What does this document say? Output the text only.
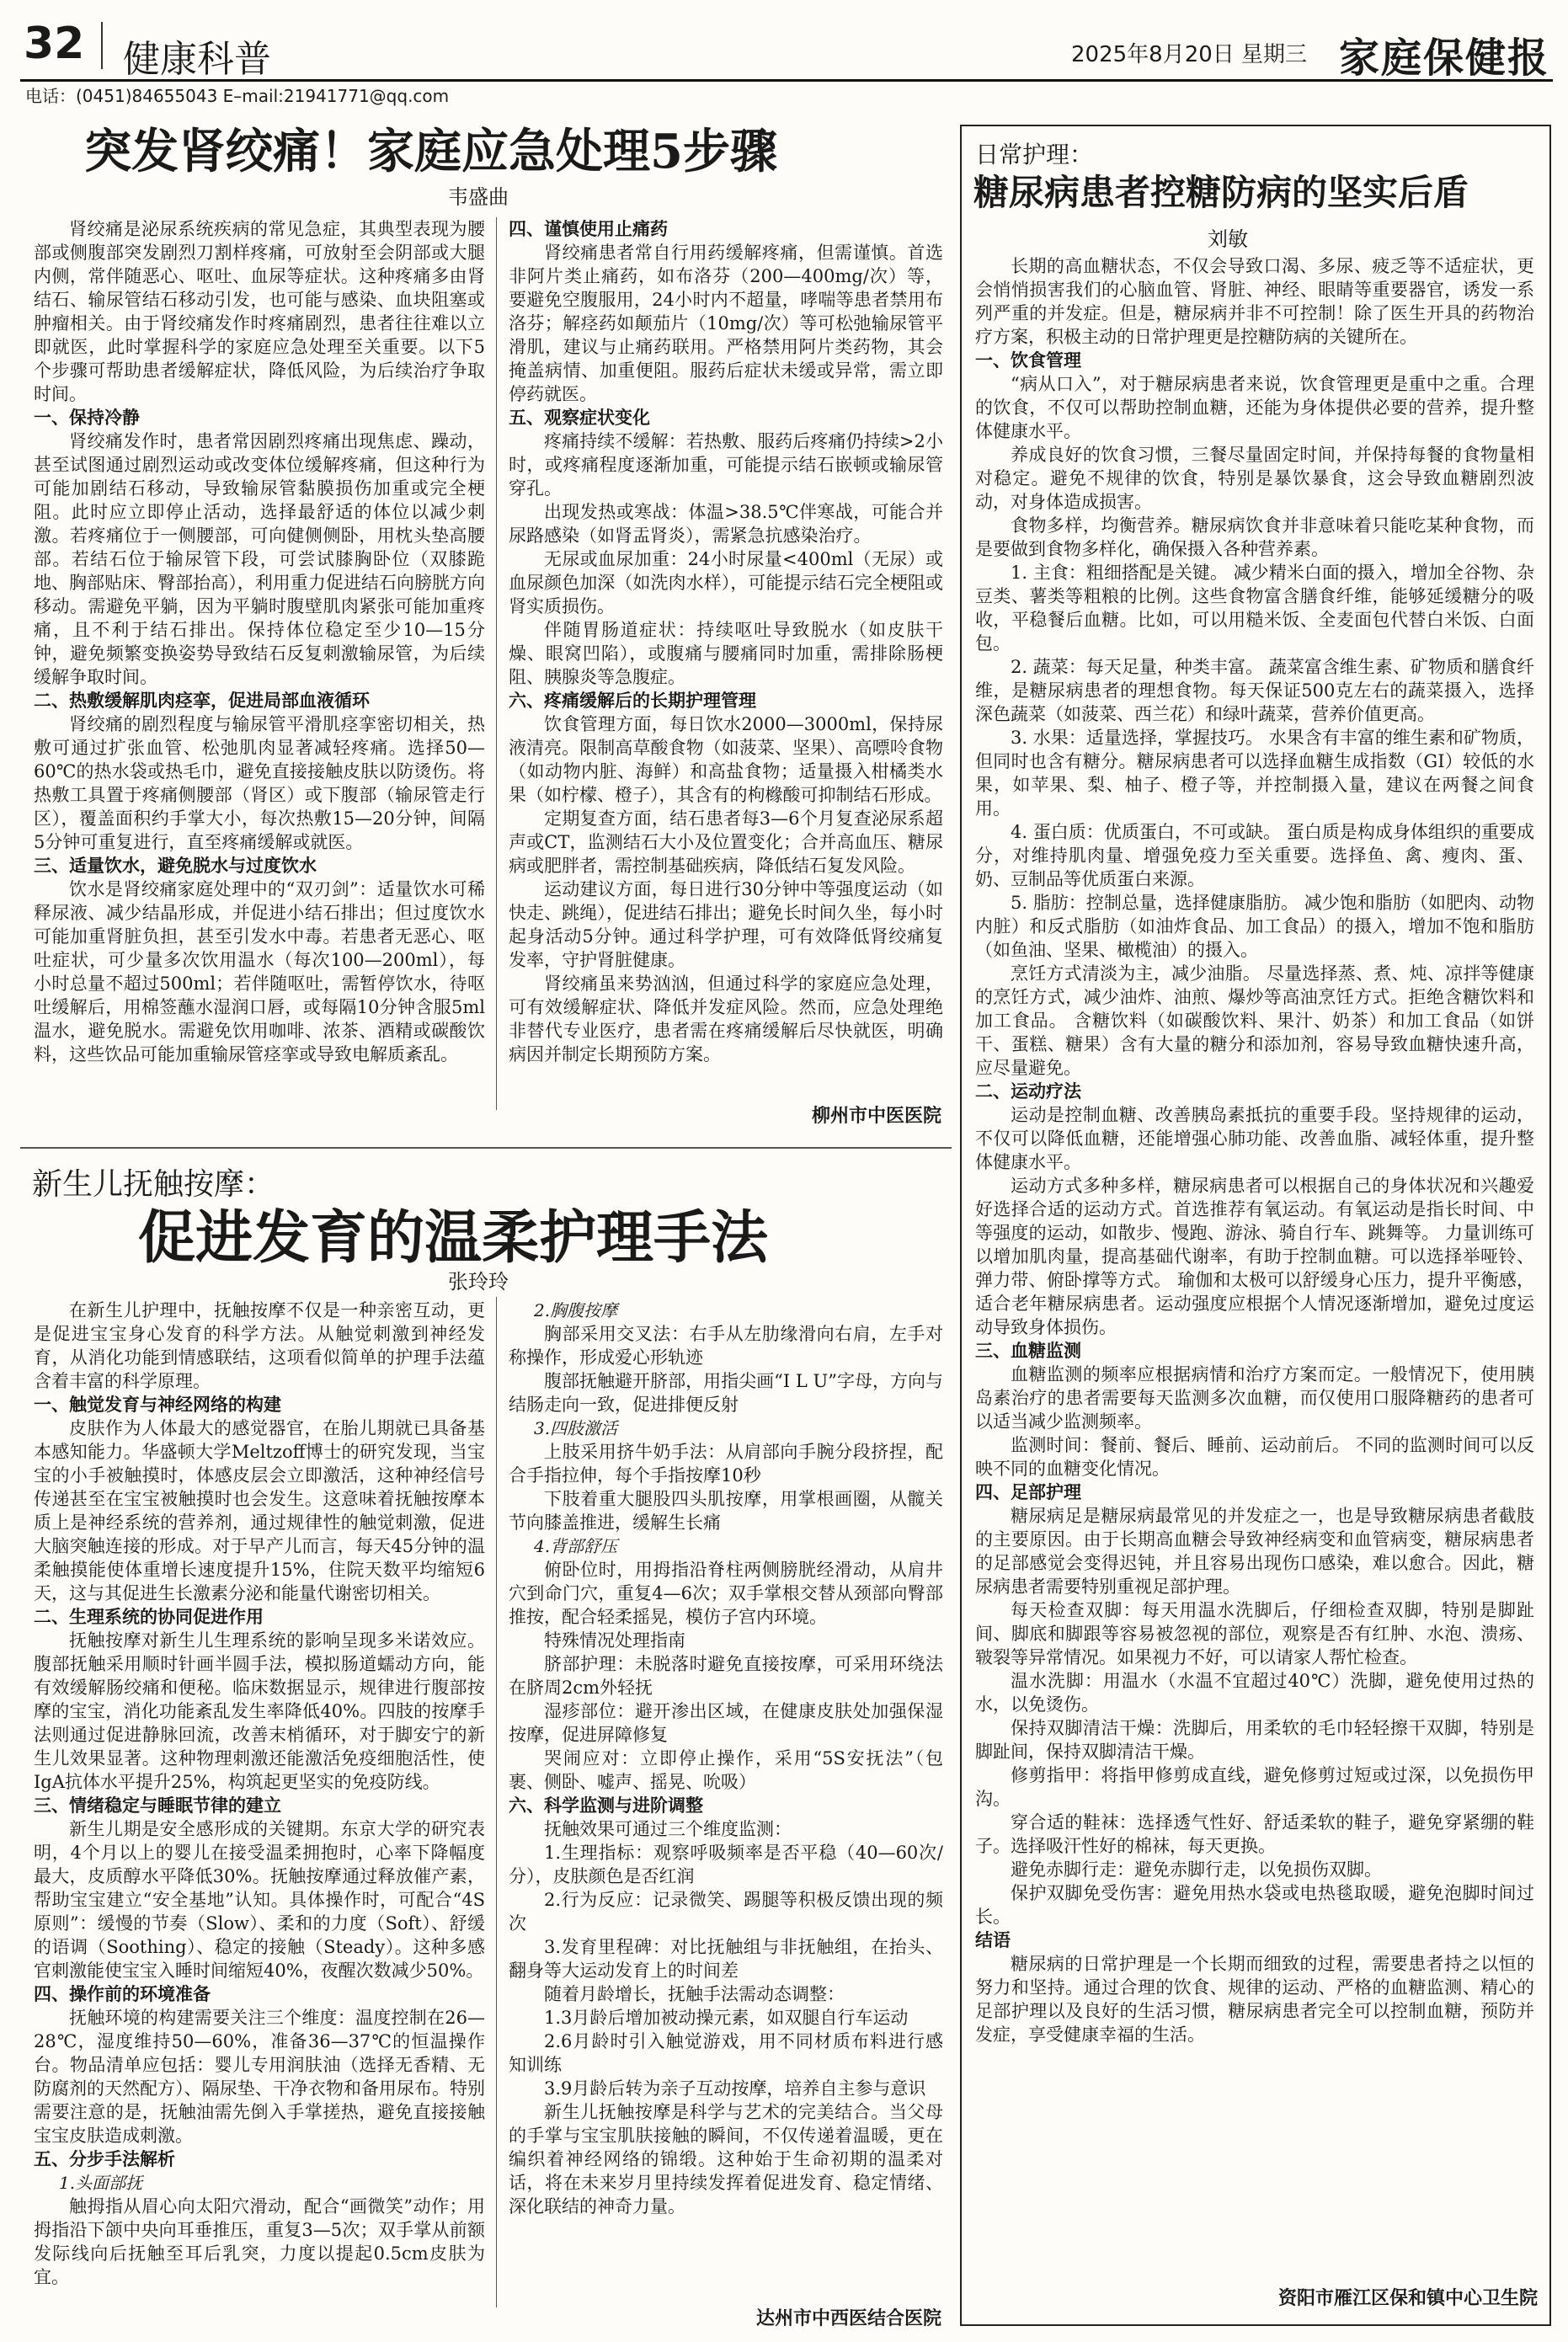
32 健康科普	2025年8月20日 星期三 家庭保健报
电话：(0451)84655043 E–mail:21941771@qq.com
突发肾绞痛！家庭应急处理5步骤
韦盛曲

肾绞痛是泌尿系统疾病的常见急症，其典型表现为腰部或侧腹部突发剧烈刀割样疼痛，可放射至会阴部或大腿内侧，常伴随恶心、呕吐、血尿等症状。这种疼痛多由肾结石、输尿管结石移动引发，也可能与感染、血块阻塞或肿瘤相关。由于肾绞痛发作时疼痛剧烈，患者往往难以立即就医，此时掌握科学的家庭应急处理至关重要。以下5个步骤可帮助患者缓解症状，降低风险，为后续治疗争取时间。

一、保持冷静

肾绞痛发作时，患者常因剧烈疼痛出现焦虑、躁动，甚至试图通过剧烈运动或改变体位缓解疼痛，但这种行为可能加剧结石移动，导致输尿管黏膜损伤加重或完全梗阻。此时应立即停止活动，选择最舒适的体位以减少刺激。若疼痛位于一侧腰部，可向健侧侧卧，用枕头垫高腰部。若结石位于输尿管下段，可尝试膝胸卧位（双膝跪地、胸部贴床、臀部抬高），利用重力促进结石向膀胱方向移动。需避免平躺，因为平躺时腹壁肌肉紧张可能加重疼痛，且不利于结石排出。保持体位稳定至少10—15分钟，避免频繁变换姿势导致结石反复刺激输尿管，为后续缓解争取时间。

二、热敷缓解肌肉痉挛，促进局部血液循环

肾绞痛的剧烈程度与输尿管平滑肌痉挛密切相关，热敷可通过扩张血管、松弛肌肉显著减轻疼痛。选择50—60℃的热水袋或热毛巾，避免直接接触皮肤以防烫伤。将热敷工具置于疼痛侧腰部（肾区）或下腹部（输尿管走行区），覆盖面积约手掌大小，每次热敷15—20分钟，间隔5分钟可重复进行，直至疼痛缓解或就医。

三、适量饮水，避免脱水与过度饮水

饮水是肾绞痛家庭处理中的“双刃剑”：适量饮水可稀释尿液、减少结晶形成，并促进小结石排出；但过度饮水可能加重肾脏负担，甚至引发水中毒。若患者无恶心、呕吐症状，可少量多次饮用温水（每次100—200ml），每小时总量不超过500ml；若伴随呕吐，需暂停饮水，待呕吐缓解后，用棉签蘸水湿润口唇，或每隔10分钟含服5ml温水，避免脱水。需避免饮用咖啡、浓茶、酒精或碳酸饮料，这些饮品可能加重输尿管痉挛或导致电解质紊乱。

四、谨慎使用止痛药

肾绞痛患者常自行用药缓解疼痛，但需谨慎。首选非阿片类止痛药，如布洛芬（200—400mg/次）等，要避免空腹服用，24小时内不超量，哮喘等患者禁用布洛芬；解痉药如颠茄片（10mg/次）等可松弛输尿管平滑肌，建议与止痛药联用。严格禁用阿片类药物，其会掩盖病情、加重便阻。服药后症状未缓或异常，需立即停药就医。

五、观察症状变化

疼痛持续不缓解：若热敷、服药后疼痛仍持续>2小时，或疼痛程度逐渐加重，可能提示结石嵌顿或输尿管穿孔。

出现发热或寒战：体温>38.5℃伴寒战，可能合并尿路感染（如肾盂肾炎），需紧急抗感染治疗。

无尿或血尿加重：24小时尿量<400ml（无尿）或血尿颜色加深（如洗肉水样），可能提示结石完全梗阻或肾实质损伤。

伴随胃肠道症状：持续呕吐导致脱水（如皮肤干燥、眼窝凹陷），或腹痛与腰痛同时加重，需排除肠梗阻、胰腺炎等急腹症。

六、疼痛缓解后的长期护理管理

饮食管理方面，每日饮水2000—3000ml，保持尿液清亮。限制高草酸食物（如菠菜、坚果）、高嘌呤食物（如动物内脏、海鲜）和高盐食物；适量摄入柑橘类水果（如柠檬、橙子），其含有的枸橼酸可抑制结石形成。

定期复查方面，结石患者每3—6个月复查泌尿系超声或CT，监测结石大小及位置变化；合并高血压、糖尿病或肥胖者，需控制基础疾病，降低结石复发风险。

运动建议方面，每日进行30分钟中等强度运动（如快走、跳绳），促进结石排出；避免长时间久坐，每小时起身活动5分钟。通过科学护理，可有效降低肾绞痛复发率，守护肾脏健康。

肾绞痛虽来势汹汹，但通过科学的家庭应急处理，可有效缓解症状、降低并发症风险。然而，应急处理绝非替代专业医疗，患者需在疼痛缓解后尽快就医，明确病因并制定长期预防方案。

柳州市中医医院
新生儿抚触按摩：
促进发育的温柔护理手法
张玲玲

在新生儿护理中，抚触按摩不仅是一种亲密互动，更是促进宝宝身心发育的科学方法。从触觉刺激到神经发育，从消化功能到情感联结，这项看似简单的护理手法蕴含着丰富的科学原理。

一、触觉发育与神经网络的构建

皮肤作为人体最大的感觉器官，在胎儿期就已具备基本感知能力。华盛顿大学Meltzoff博士的研究发现，当宝宝的小手被触摸时，体感皮层会立即激活，这种神经信号传递甚至在宝宝被触摸时也会发生。这意味着抚触按摩本质上是神经系统的营养剂，通过规律性的触觉刺激，促进大脑突触连接的形成。对于早产儿而言，每天45分钟的温柔触摸能使体重增长速度提升15%，住院天数平均缩短6天，这与其促进生长激素分泌和能量代谢密切相关。

二、生理系统的协同促进作用

抚触按摩对新生儿生理系统的影响呈现多米诺效应。腹部抚触采用顺时针画半圆手法，模拟肠道蠕动方向，能有效缓解肠绞痛和便秘。临床数据显示，规律进行腹部按摩的宝宝，消化功能紊乱发生率降低40%。四肢的按摩手法则通过促进静脉回流，改善末梢循环，对于脚安宁的新生儿效果显著。这种物理刺激还能激活免疫细胞活性，使IgA抗体水平提升25%，构筑起更坚实的免疫防线。

三、情绪稳定与睡眠节律的建立

新生儿期是安全感形成的关键期。东京大学的研究表明，4个月以上的婴儿在接受温柔拥抱时，心率下降幅度最大，皮质醇水平降低30%。抚触按摩通过释放催产素，帮助宝宝建立“安全基地”认知。具体操作时，可配合“4S原则”：缓慢的节奏（Slow）、柔和的力度（Soft）、舒缓的语调（Soothing）、稳定的接触（Steady）。这种多感官刺激能使宝宝入睡时间缩短40%，夜醒次数减少50%。

四、操作前的环境准备

抚触环境的构建需要关注三个维度：温度控制在26—28℃，湿度维持50—60%，准备36—37℃的恒温操作台。物品清单应包括：婴儿专用润肤油（选择无香精、无防腐剂的天然配方）、隔尿垫、干净衣物和备用尿布。特别需要注意的是，抚触油需先倒入手掌搓热，避免直接接触宝宝皮肤造成刺激。

五、分步手法解析
1.头面部抚

触拇指从眉心向太阳穴滑动，配合“画微笑”动作；用拇指沿下颌中央向耳垂推压，重复3—5次；双手掌从前额发际线向后抚触至耳后乳突，力度以提起0.5cm皮肤为宜。

2.胸腹按摩

胸部采用交叉法：右手从左肋缘滑向右肩，左手对称操作，形成爱心形轨迹

腹部抚触避开脐部，用指尖画“I L U”字母，方向与结肠走向一致，促进排便反射

3.四肢激活

上肢采用挤牛奶手法：从肩部向手腕分段挤捏，配合手指拉伸，每个手指按摩10秒

下肢着重大腿股四头肌按摩，用掌根画圈，从髋关节向膝盖推进，缓解生长痛

4.背部舒压

俯卧位时，用拇指沿脊柱两侧膀胱经滑动，从肩井穴到命门穴，重复4—6次；双手掌根交替从颈部向臀部推按，配合轻柔摇晃，模仿子宫内环境。

特殊情况处理指南

脐部护理：未脱落时避免直接按摩，可采用环绕法在脐周2cm外轻抚

湿疹部位：避开渗出区域，在健康皮肤处加强保湿按摩，促进屏障修复

哭闹应对：立即停止操作，采用“5S安抚法”（包裹、侧卧、嘘声、摇晃、吮吸）

六、科学监测与进阶调整

抚触效果可通过三个维度监测：

1.生理指标：观察呼吸频率是否平稳（40—60次/分），皮肤颜色是否红润

2.行为反应：记录微笑、踢腿等积极反馈出现的频次

3.发育里程碑：对比抚触组与非抚触组，在抬头、翻身等大运动发育上的时间差

随着月龄增长，抚触手法需动态调整：

1.3月龄后增加被动操元素，如双腿自行车运动

2.6月龄时引入触觉游戏，用不同材质布料进行感知训练

3.9月龄后转为亲子互动按摩，培养自主参与意识

新生儿抚触按摩是科学与艺术的完美结合。当父母的手掌与宝宝肌肤接触的瞬间，不仅传递着温暖，更在编织着神经网络的锦缎。这种始于生命初期的温柔对话，将在未来岁月里持续发挥着促进发育、稳定情绪、深化联结的神奇力量。

达州市中西医结合医院
日常护理：
糖尿病患者控糖防病的坚实后盾
刘敏

长期的高血糖状态，不仅会导致口渴、多尿、疲乏等不适症状，更会悄悄损害我们的心脑血管、肾脏、神经、眼睛等重要器官，诱发一系列严重的并发症。但是，糖尿病并非不可控制！除了医生开具的药物治疗方案，积极主动的日常护理更是控糖防病的关键所在。

一、饮食管理

“病从口入”，对于糖尿病患者来说，饮食管理更是重中之重。合理的饮食，不仅可以帮助控制血糖，还能为身体提供必要的营养，提升整体健康水平。

养成良好的饮食习惯，三餐尽量固定时间，并保持每餐的食物量相对稳定。避免不规律的饮食，特别是暴饮暴食，这会导致血糖剧烈波动，对身体造成损害。

食物多样，均衡营养。糖尿病饮食并非意味着只能吃某种食物，而是要做到食物多样化，确保摄入各种营养素。

1. 主食：粗细搭配是关键。 减少精米白面的摄入，增加全谷物、杂豆类、薯类等粗粮的比例。这些食物富含膳食纤维，能够延缓糖分的吸收，平稳餐后血糖。比如，可以用糙米饭、全麦面包代替白米饭、白面包。

2. 蔬菜：每天足量，种类丰富。 蔬菜富含维生素、矿物质和膳食纤维，是糖尿病患者的理想食物。每天保证500克左右的蔬菜摄入，选择深色蔬菜（如菠菜、西兰花）和绿叶蔬菜，营养价值更高。

3. 水果：适量选择，掌握技巧。 水果含有丰富的维生素和矿物质，但同时也含有糖分。糖尿病患者可以选择血糖生成指数（GI）较低的水果，如苹果、梨、柚子、橙子等，并控制摄入量，建议在两餐之间食用。

4. 蛋白质：优质蛋白，不可或缺。 蛋白质是构成身体组织的重要成分，对维持肌肉量、增强免疫力至关重要。选择鱼、禽、瘦肉、蛋、奶、豆制品等优质蛋白来源。

5. 脂肪：控制总量，选择健康脂肪。 减少饱和脂肪（如肥肉、动物内脏）和反式脂肪（如油炸食品、加工食品）的摄入，增加不饱和脂肪（如鱼油、坚果、橄榄油）的摄入。

烹饪方式清淡为主，减少油脂。 尽量选择蒸、煮、炖、凉拌等健康的烹饪方式，减少油炸、油煎、爆炒等高油烹饪方式。拒绝含糖饮料和加工食品。 含糖饮料（如碳酸饮料、果汁、奶茶）和加工食品（如饼干、蛋糕、糖果）含有大量的糖分和添加剂，容易导致血糖快速升高，应尽量避免。

二、运动疗法

运动是控制血糖、改善胰岛素抵抗的重要手段。坚持规律的运动，不仅可以降低血糖，还能增强心肺功能、改善血脂、减轻体重，提升整体健康水平。

运动方式多种多样，糖尿病患者可以根据自己的身体状况和兴趣爱好选择合适的运动方式。首选推荐有氧运动。有氧运动是指长时间、中等强度的运动，如散步、慢跑、游泳、骑自行车、跳舞等。 力量训练可以增加肌肉量，提高基础代谢率，有助于控制血糖。可以选择举哑铃、弹力带、俯卧撑等方式。 瑜伽和太极可以舒缓身心压力，提升平衡感，适合老年糖尿病患者。运动强度应根据个人情况逐渐增加，避免过度运动导致身体损伤。

三、血糖监测

血糖监测的频率应根据病情和治疗方案而定。一般情况下，使用胰岛素治疗的患者需要每天监测多次血糖，而仅使用口服降糖药的患者可以适当减少监测频率。

监测时间：餐前、餐后、睡前、运动前后。 不同的监测时间可以反映不同的血糖变化情况。

四、足部护理

糖尿病足是糖尿病最常见的并发症之一，也是导致糖尿病患者截肢的主要原因。由于长期高血糖会导致神经病变和血管病变，糖尿病患者的足部感觉会变得迟钝，并且容易出现伤口感染，难以愈合。因此，糖尿病患者需要特别重视足部护理。

每天检查双脚：每天用温水洗脚后，仔细检查双脚，特别是脚趾间、脚底和脚跟等容易被忽视的部位，观察是否有红肿、水泡、溃疡、皲裂等异常情况。如果视力不好，可以请家人帮忙检查。

温水洗脚：用温水（水温不宜超过40℃）洗脚，避免使用过热的水，以免烫伤。

保持双脚清洁干燥：洗脚后，用柔软的毛巾轻轻擦干双脚，特别是脚趾间，保持双脚清洁干燥。

修剪指甲：将指甲修剪成直线，避免修剪过短或过深，以免损伤甲沟。

穿合适的鞋袜：选择透气性好、舒适柔软的鞋子，避免穿紧绷的鞋子。选择吸汗性好的棉袜，每天更换。

避免赤脚行走：避免赤脚行走，以免损伤双脚。

保护双脚免受伤害：避免用热水袋或电热毯取暖，避免泡脚时间过长。

结语

糖尿病的日常护理是一个长期而细致的过程，需要患者持之以恒的努力和坚持。通过合理的饮食、规律的运动、严格的血糖监测、精心的足部护理以及良好的生活习惯，糖尿病患者完全可以控制血糖，预防并发症，享受健康幸福的生活。

资阳市雁江区保和镇中心卫生院
